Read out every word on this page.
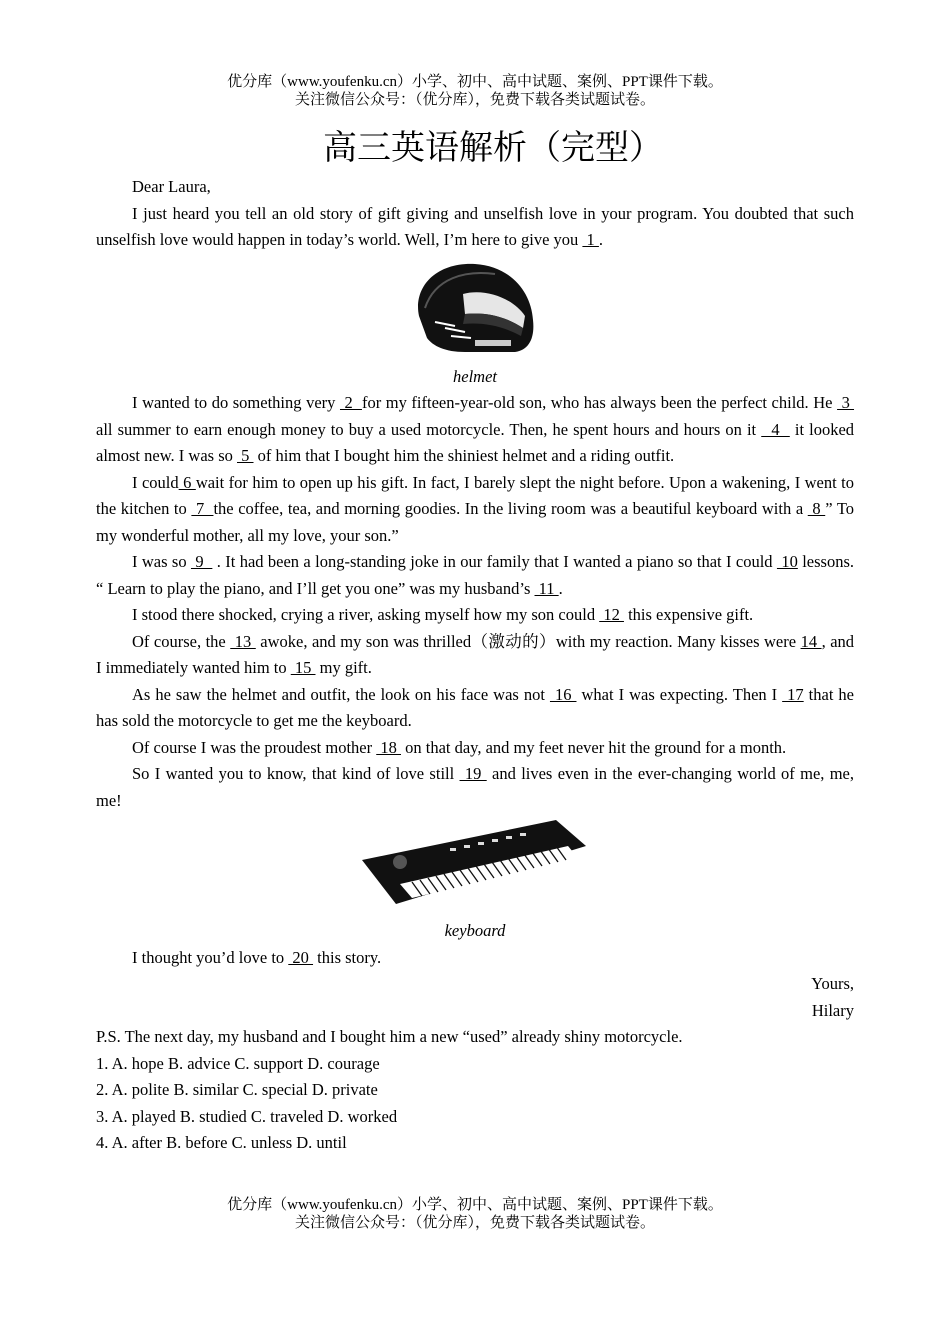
优分库（www.youfenku.cn）小学、初中、高中试题、案例、PPT课件下载。
关注微信公众号：（优分库），免费下载各类试题试卷。
高三英语解析（完型）

Dear Laura,

I just heard you tell an old story of gift giving and unselfish love in your program. You doubted that such unselfish love would happen in today’s world. Well, I’m here to give you  1 .

helmet

I wanted to do something very  2  for my fifteen-year-old son, who has always been the perfect child. He  3  all summer to earn enough money to buy a used motorcycle. Then, he spent hours and hours on it   4   it looked almost new. I was so  5  of him that I bought him the shiniest helmet and a riding outfit.

I could 6 wait for him to open up his gift. In fact, I barely slept the night before. Upon a wakening, I went to the kitchen to  7  the coffee, tea, and morning goodies. In the living room was a beautiful keyboard with a  8 ” To my wonderful mother, all my love, your son.”

I was so  9   . It had been a long-standing joke in our family that I wanted a piano so that I could  10 lessons. “ Learn to play the piano, and I’ll get you one” was my husband’s  11 .

I stood there shocked, crying a river, asking myself how my son could  12  this expensive gift.

Of course, the  13  awoke, and my son was thrilled（激动的）with my reaction. Many kisses were 14 , and I immediately wanted him to  15  my gift.

As he saw the helmet and outfit, the look on his face was not  16  what I was expecting. Then I  17 that he has sold the motorcycle to get me the keyboard.

Of course I was the proudest mother  18  on that day, and my feet never hit the ground for a month.

So I wanted you to know, that kind of love still  19  and lives even in the ever-changing world of me, me, me!

keyboard

I thought you’d love to  20  this story.

Yours,

Hilary

P.S. The next day, my husband and I bought him a new “used” already shiny motorcycle.

1. A. hope B. advice C. support D. courage

2. A. polite B. similar C. special D. private

3. A. played B. studied C. traveled D. worked

4. A. after B. before C. unless D. until

优分库（www.youfenku.cn）小学、初中、高中试题、案例、PPT课件下载。
关注微信公众号：（优分库），免费下载各类试题试卷。
